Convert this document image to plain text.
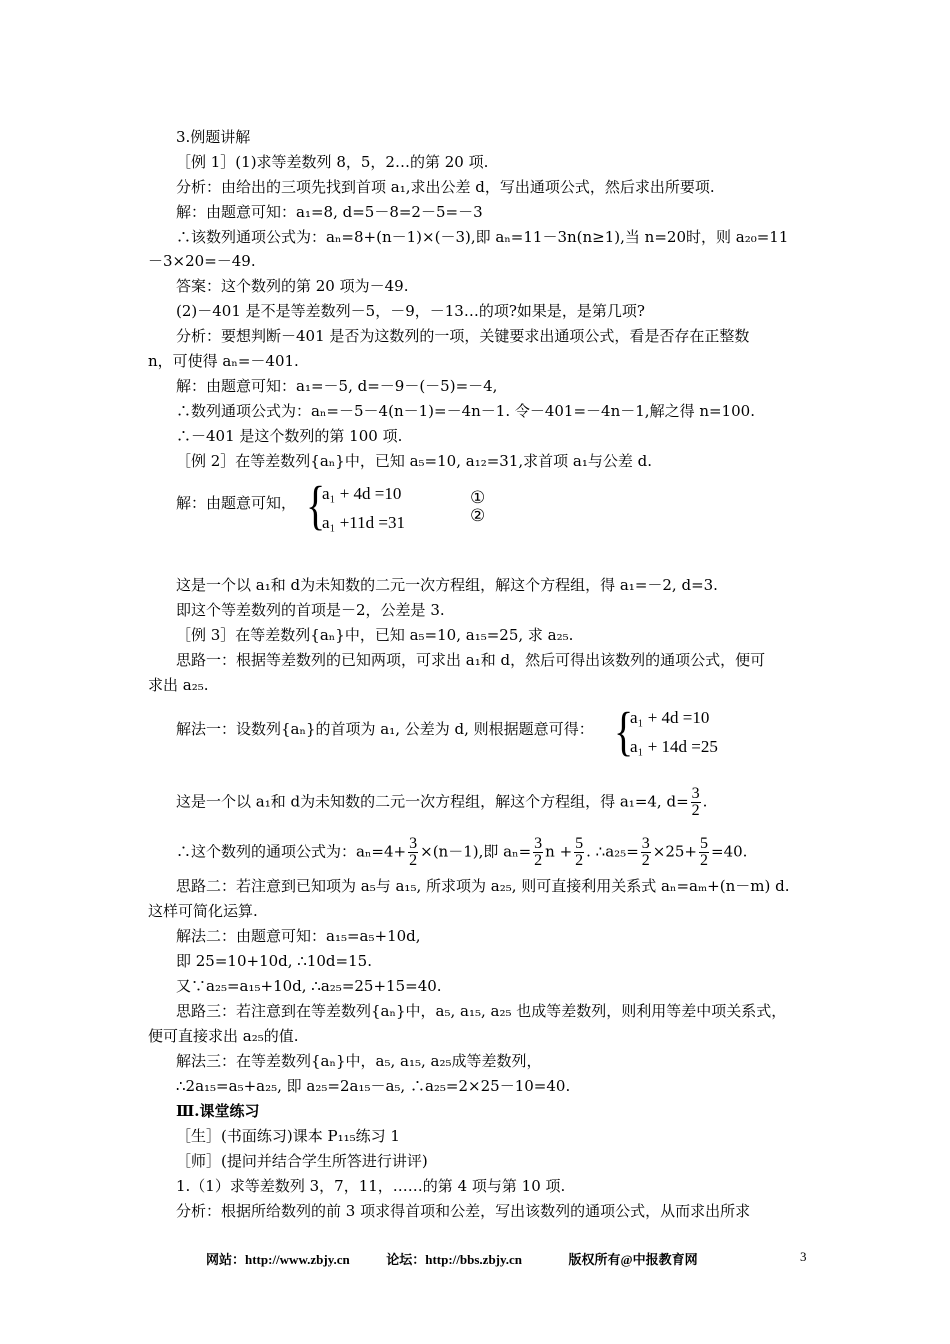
3.例题讲解
［例 1］(1)求等差数列 8，5，2…的第 20 项.
分析：由给出的三项先找到首项 a₁,求出公差 d，写出通项公式，然后求出所要项.
解：由题意可知：a₁=8, d=5－8=2－5=－3
∴该数列通项公式为：aₙ=8+(n－1)×(－3),即 aₙ=11－3n(n≥1),当 n=20时，则 a₂₀=11
－3×20=－49.
答案：这个数列的第 20 项为－49.
(2)－401 是不是等差数列－5，－9，－13…的项?如果是，是第几项?
分析：要想判断－401 是否为这数列的一项，关键要求出通项公式，看是否存在正整数
n，可使得 aₙ=－401.
解：由题意可知：a₁=－5, d=－9－(－5)=－4,
∴数列通项公式为：aₙ=－5－4(n－1)=－4n－1. 令－401=－4n－1,解之得 n=100.
∴－401 是这个数列的第 100 项.
［例 2］在等差数列{aₙ}中，已知 a₅=10, a₁₂=31,求首项 a₁与公差 d.
解：由题意可知， {
a₁ + 4d =10
a₁ +11d =31
①
②
这是一个以 a₁和 d为未知数的二元一次方程组，解这个方程组，得 a₁=－2, d=3.
即这个等差数列的首项是－2，公差是 3.
［例 3］在等差数列{aₙ}中，已知 a₅=10, a₁₅=25, 求 a₂₅.
思路一：根据等差数列的已知两项，可求出 a₁和 d，然后可得出该数列的通项公式，便可
求出 a₂₅.
解法一：设数列{aₙ}的首项为 a₁, 公差为 d, 则根据题意可得： {
a₁ + 4d =10
a₁ + 14d =25
这是一个以 a₁和 d为未知数的二元一次方程组，解这个方程组，得 a₁=4, $d= \frac{3}{2}$ .
∴这个数列的通项公式为：$a_n=4+ \frac{3}{2} \times(n-1)$,即 $a_n= \frac{3}{2}$ $n + \frac{5}{2}$ . ∴a₂₅= $\frac{3}{2} \times 25+ \frac{5}{2} =40$.
思路二：若注意到已知项为 a₅与 a₁₅, 所求项为 a₂₅, 则可直接利用关系式 aₙ=aₘ+(n－m) d.
这样可简化运算.
解法二：由题意可知：a₁₅=a₅+10d,
即 25=10+10d, ∴10d=15.
又∵a₂₅=a₁₅+10d, ∴a₂₅=25+15=40.
思路三：若注意到在等差数列{aₙ}中，a₅, a₁₅, a₂₅ 也成等差数列，则利用等差中项关系式，
便可直接求出 a₂₅的值.
解法三：在等差数列{aₙ}中，a₅, a₁₅, a₂₅成等差数列，
∴2a₁₅=a₅+a₂₅, 即 a₂₅=2a₁₅－a₅, ∴a₂₅=2×25－10=40.
Ⅲ.课堂练习
［生］(书面练习)课本 P₁₁₅练习 1
［师］(提问并结合学生所答进行讲评)
1.（1）求等差数列 3，7，11，……的第 4 项与第 10 项.
分析：根据所给数列的前 3 项求得首项和公差，写出该数列的通项公式，从而求出所求
网站：http://www.zbjy.cn	论坛：http://bbs.zbjy.cn	版权所有@中报教育网	3
